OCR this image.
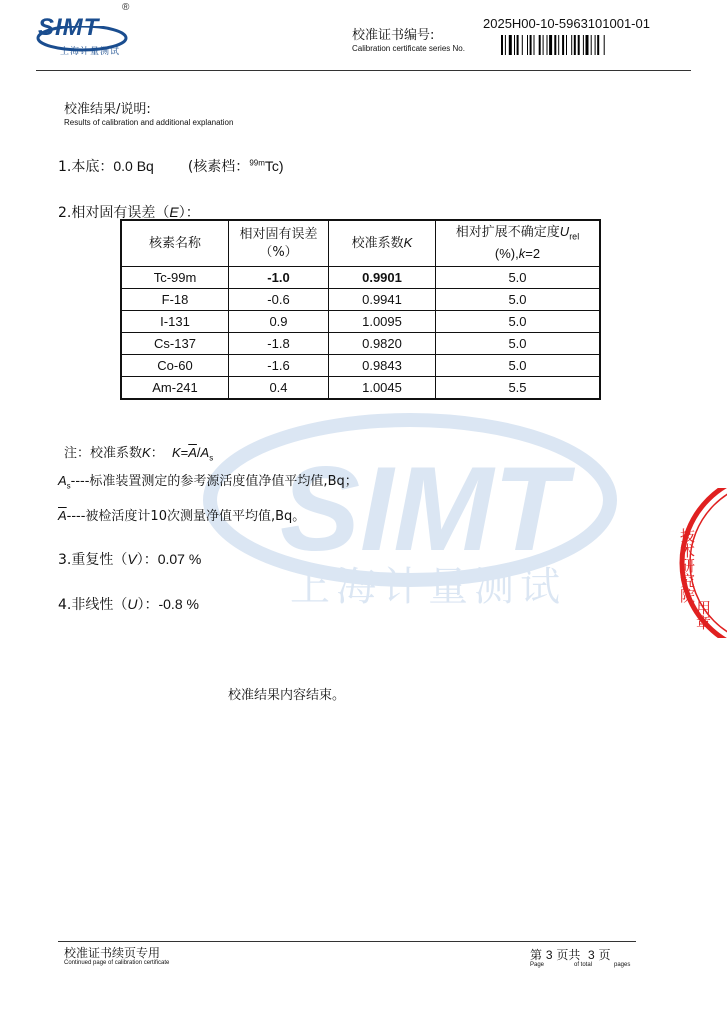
SIMT
上海计量测试
SIMT
上海计量测试
®
校准证书编号:
Calibration certificate series No.
2025H00-10-5963101001-01
校准结果/说明:
Results of calibration and additional explanation
1.本底：0.0 Bq (核素档：$^{99m}$Tc)
2.相对固有误差（E）：
核素名称	相对固有误差
（%）	校准系数K	相对扩展不确定度$U_{rel}$
(%),k=2
Tc-99m	-1.0	0.9901	5.0
F-18	-0.6	0.9941	5.0
I-131	0.9	1.0095	5.0
Cs-137	-1.8	0.9820	5.0
Co-60	-1.6	0.9843	5.0
Am-241	0.4	1.0045	5.5
注：校准系数K： $K=\overline{A}/A_s$
$A_s----$标准装置测定的参考源活度值净值平均值,Bq；
$\overline{A}----$被检活度计10次测量净值平均值,Bq。
3.重复性（V）：0.07 %
4.非线性（U）：-0.8 %
校准结果内容结束。
技术研究院
用章
校准证书续页专用
Continued page of calibration certificate
第 3 页共 3 页
Page	of total	pages
